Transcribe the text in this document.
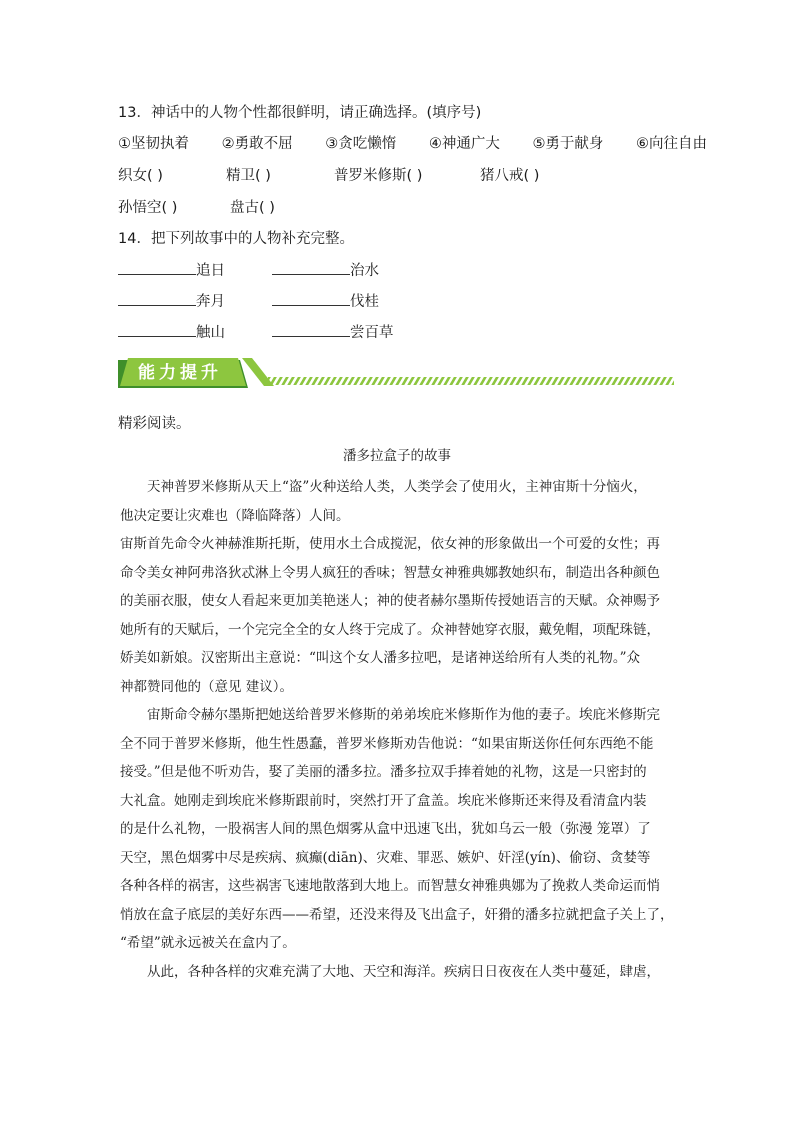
13．神话中的人物个性都很鲜明，请正确选择。(填序号)
①坚韧执着 ②勇敢不屈 ③贪吃懒惰 ④神通广大 ⑤勇于献身 ⑥向往自由
织女( )	精卫( )	普罗米修斯( )	猪八戒( )
孙悟空( )	盘古( )
14．把下列故事中的人物补充完整。
追日	治水
奔月	伐桂
触山	尝百草
能力提升
精彩阅读。
潘多拉盒子的故事
　　天神普罗米修斯从天上“盗”火种送给人类，人类学会了使用火，主神宙斯十分恼火，
他决定要让灾难也（降临降落）人间。
宙斯首先命令火神赫淮斯托斯，使用水土合成搅泥，依女神的形象做出一个可爱的女性；再
命令美女神阿弗洛狄忒淋上令男人疯狂的香味；智慧女神雅典娜教她织布，制造出各种颜色
的美丽衣服，使女人看起来更加美艳迷人；神的使者赫尔墨斯传授她语言的天赋。众神赐予
她所有的天赋后，一个完完全全的女人终于完成了。众神替她穿衣服，戴免帽，项配珠链，
娇美如新娘。汉密斯出主意说：“叫这个女人潘多拉吧，是诸神送给所有人类的礼物。”众
神都赞同他的（意见 建议）。
　　宙斯命令赫尔墨斯把她送给普罗米修斯的弟弟埃庇米修斯作为他的妻子。埃庇米修斯完
全不同于普罗米修斯，他生性愚蠢，普罗米修斯劝告他说：“如果宙斯送你任何东西绝不能
接受。”但是他不听劝告，娶了美丽的潘多拉。潘多拉双手捧着她的礼物，这是一只密封的
大礼盒。她刚走到埃庇米修斯跟前时，突然打开了盒盖。埃庇米修斯还来得及看清盒内装
的是什么礼物，一股祸害人间的黑色烟雾从盒中迅速飞出，犹如乌云一般（弥漫 笼罩）了
天空，黑色烟雾中尽是疾病、疯癫(diān)、灾难、罪恶、嫉妒、奸淫(yín)、偷窃、贪婪等
各种各样的祸害，这些祸害飞速地散落到大地上。而智慧女神雅典娜为了挽救人类命运而悄
悄放在盒子底层的美好东西——希望，还没来得及飞出盒子，奸猾的潘多拉就把盒子关上了，
“希望”就永远被关在盒内了。
　　从此，各种各样的灾难充满了大地、天空和海洋。疾病日日夜夜在人类中蔓延，肆虐，
